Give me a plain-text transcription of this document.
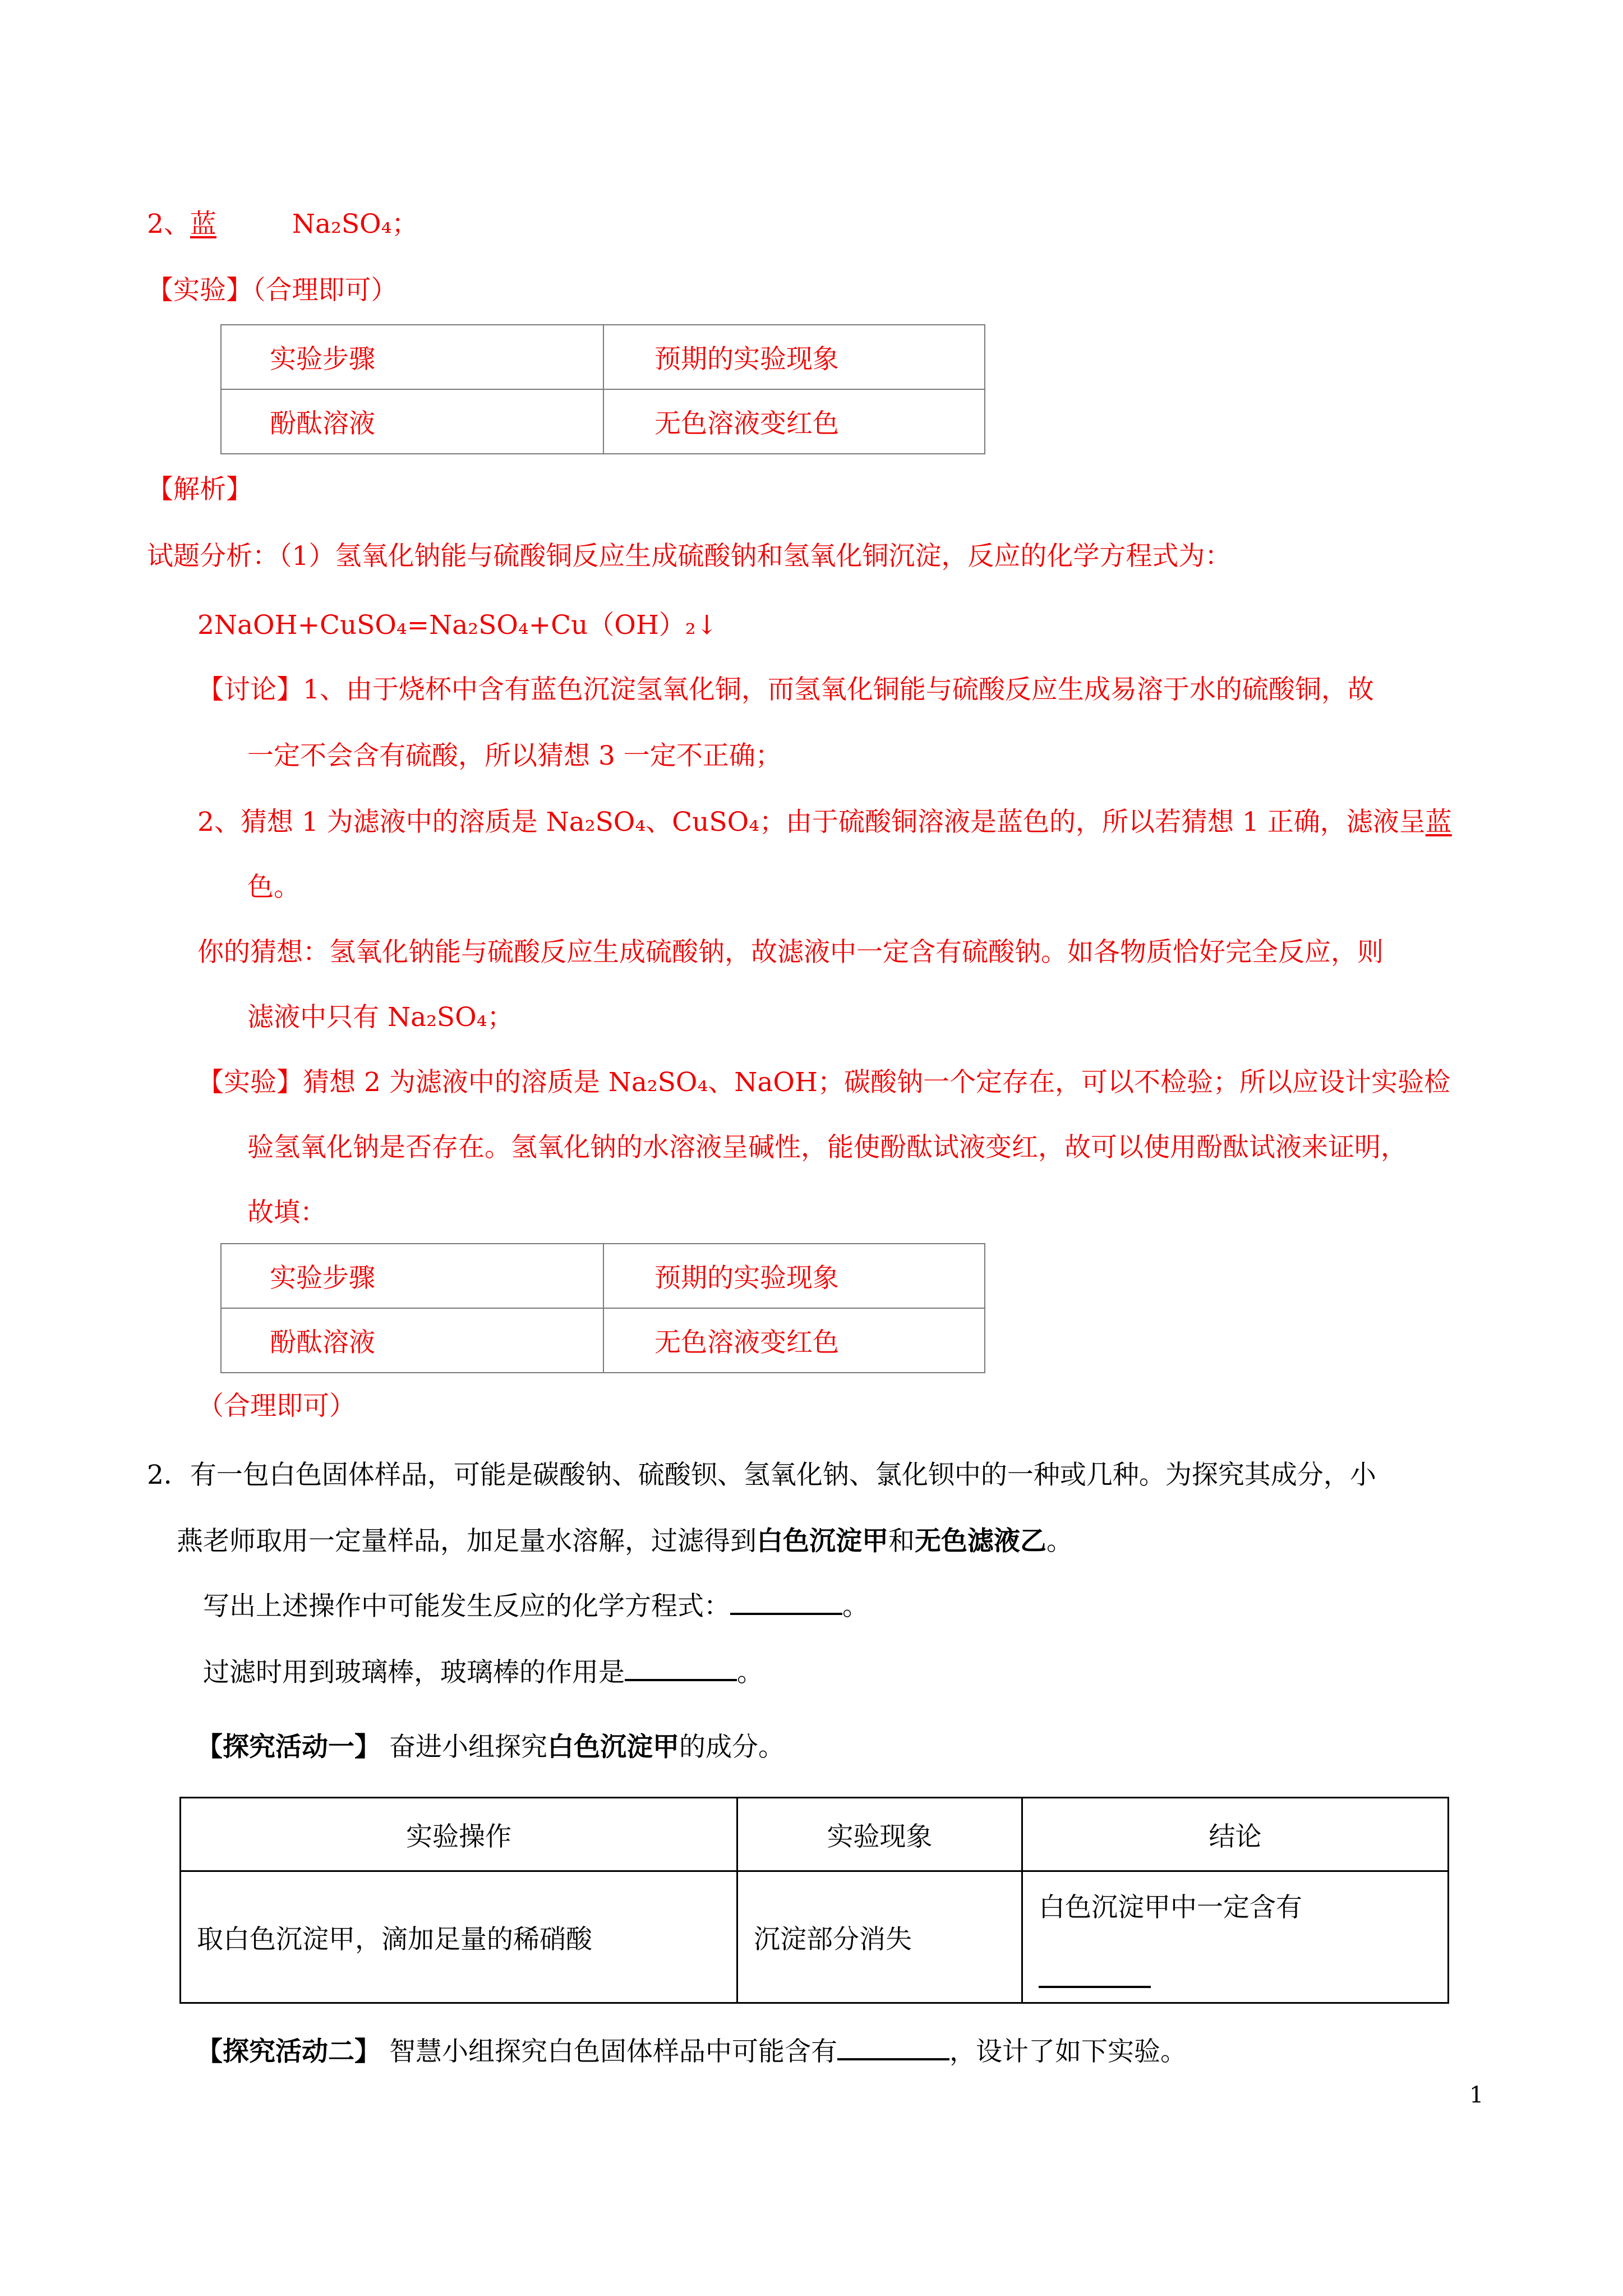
2、蓝	Na₂SO₄；
【实验】（合理即可）
实验步骤	预期的实验现象
酚酞溶液	无色溶液变红色
【解析】
试题分析：（1）氢氧化钠能与硫酸铜反应生成硫酸钠和氢氧化铜沉淀，反应的化学方程式为：
2NaOH+CuSO₄=Na₂SO₄+Cu（OH）₂↓
【讨论】1、由于烧杯中含有蓝色沉淀氢氧化铜，而氢氧化铜能与硫酸反应生成易溶于水的硫酸铜，故
一定不会含有硫酸，所以猜想 3 一定不正确；
2、猜想 1 为滤液中的溶质是 Na₂SO₄、CuSO₄；由于硫酸铜溶液是蓝色的，所以若猜想 1 正确，滤液呈蓝
色。
你的猜想：氢氧化钠能与硫酸反应生成硫酸钠，故滤液中一定含有硫酸钠。如各物质恰好完全反应，则
滤液中只有 Na₂SO₄；
【实验】猜想 2 为滤液中的溶质是 Na₂SO₄、NaOH；碳酸钠一个定存在，可以不检验；所以应设计实验检
验氢氧化钠是否存在。氢氧化钠的水溶液呈碱性，能使酚酞试液变红，故可以使用酚酞试液来证明，
故填：
实验步骤	预期的实验现象
酚酞溶液	无色溶液变红色
（合理即可）
2．有一包白色固体样品，可能是碳酸钠、硫酸钡、氢氧化钠、氯化钡中的一种或几种。为探究其成分，小
燕老师取用一定量样品，加足量水溶解，过滤得到白色沉淀甲和无色滤液乙。
写出上述操作中可能发生反应的化学方程式：	。
过滤时用到玻璃棒，玻璃棒的作用是	。
【探究活动一】 奋进小组探究白色沉淀甲的成分。
实验操作	实验现象	结论
取白色沉淀甲，滴加足量的稀硝酸	沉淀部分消失	白色沉淀甲中一定含有
【探究活动二】 智慧小组探究白色固体样品中可能含有	，设计了如下实验。
1
